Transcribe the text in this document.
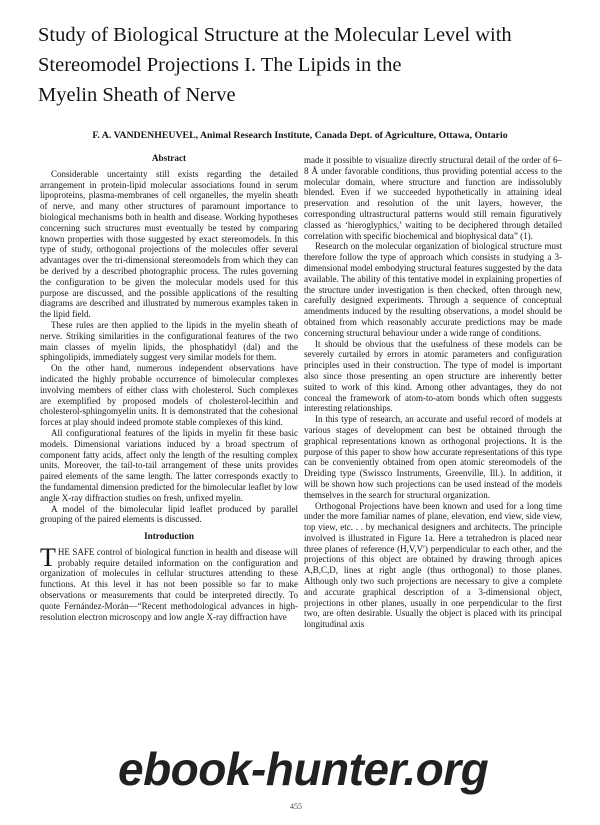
Study of Biological Structure at the Molecular Level with
Stereomodel Projections I. The Lipids in the
Myelin Sheath of Nerve
F. A. VANDENHEUVEL, Animal Research Institute, Canada Dept. of Agriculture, Ottawa, Ontario
Abstract

Considerable uncertainty still exists regarding the detailed arrangement in protein-lipid molecular associations found in serum lipoproteins, plasma-membranes of cell organelles, the myelin sheath of nerve, and many other structures of paramount importance to biological mechanisms both in health and disease. Working hypotheses concerning such structures must eventually be tested by comparing known properties with those suggested by exact stereomodels. In this type of study, orthogonal projections of the molecules offer several advantages over the tri-dimensional stereomodels from which they can be derived by a described photographic process. The rules governing the configuration to be given the molecular models used for this purpose are discussed, and the possible applications of the resulting diagrams are described and illustrated by numerous examples taken in the lipid field.

These rules are then applied to the lipids in the myelin sheath of nerve. Striking similarities in the configurational features of the two main classes of myelin lipids, the phosphatidyl (dal) and the sphingolipids, immediately suggest very similar models for them.

On the other hand, numerous independent observations have indicated the highly probable occurrence of bimolecular complexes involving members of either class with cholesterol. Such complexes are exemplified by proposed models of cholesterol-lecithin and cholesterol-sphingomyelin units. It is demonstrated that the cohesional forces at play should indeed promote stable complexes of this kind.

All configurational features of the lipids in myelin fit these basic models. Dimensional variations induced by a broad spectrum of component fatty acids, affect only the length of the resulting complex units. Moreover, the tail-to-tail arrangement of these units provides paired elements of the same length. The latter corresponds exactly to the fundamental dimension predicted for the bimolecular leaflet by low angle X-ray diffraction studies on fresh, unfixed myelin.

A model of the bimolecular lipid leaflet produced by parallel grouping of the paired elements is discussed.

Introduction

THE SAFE control of biological function in health and disease will probably require detailed information on the configuration and organization of molecules in cellular structures attending to these functions. At this level it has not been possible so far to make observations or measurements that could be interpreted directly. To quote Fernández-Morán—“Recent methodological advances in high-resolution electron microscopy and low angle X-ray diffraction have

made it possible to visualize directly structural detail of the order of 6–8 Å under favorable conditions, thus providing potential access to the molecular domain, where structure and function are indissolubly blended. Even if we succeeded hypothetically in attaining ideal preservation and resolution of the unit layers, however, the corresponding ultrastructural patterns would still remain figuratively classed as ‘hieroglyphics,’ waiting to be deciphered through detailed correlation with specific biochemical and biophysical data” (1).

Research on the molecular organization of biological structure must therefore follow the type of approach which consists in studying a 3-dimensional model embodying structural features suggested by the data available. The ability of this tentative model in explaining properties of the structure under investigation is then checked, often through new, carefully designed experiments. Through a sequence of conceptual amendments induced by the resulting observations, a model should be obtained from which reasonably accurate predictions may be made concerning structural behaviour under a wide range of conditions.

It should be obvious that the usefulness of these models can be severely curtailed by errors in atomic parameters and configuration principles used in their construction. The type of model is important also since those presenting an open structure are inherently better suited to work of this kind. Among other advantages, they do not conceal the framework of atom-to-atom bonds which often suggests interesting relationships.

In this type of research, an accurate and useful record of models at various stages of development can best be obtained through the graphical representations known as orthogonal projections. It is the purpose of this paper to show how accurate representations of this type can be conveniently obtained from open atomic stereomodels of the Dreiding type (Swissco Instruments, Greenville, Ill.). In addition, it will be shown how such projections can be used instead of the models themselves in the search for structural organization.

Orthogonal Projections have been known and used for a long time under the more familiar names of plane, elevation, end view, side view, top view, etc. . . by mechanical designers and architects. The principle involved is illustrated in Figure 1a. Here a tetrahedron is placed near three planes of reference (H,V,V′) perpendicular to each other, and the projections of this object are obtained by drawing through apices A,B,C,D, lines at right angle (thus orthogonal) to those planes. Although only two such projections are necessary to give a complete and accurate graphical description of a 3-dimensional object, projections in other planes, usually in one perpendicular to the first two, are often desirable. Usually the object is placed with its principal longitudinal axis

455
ebook-hunter.org
